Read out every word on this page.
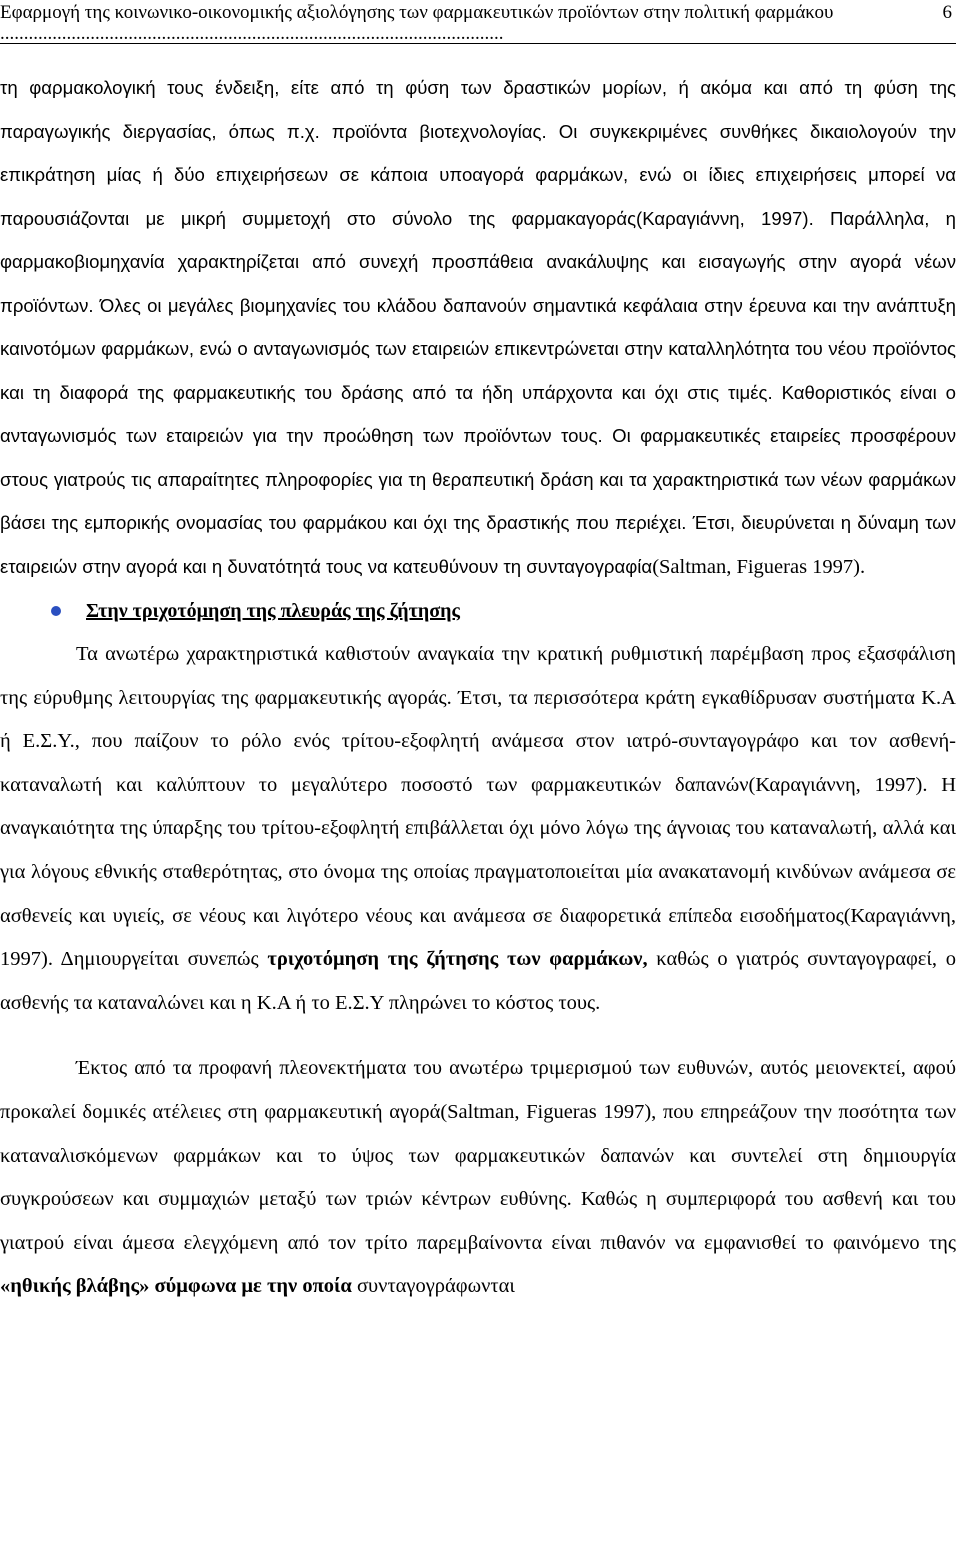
Εφαρμογή της κοινωνικο-οικονομικής αξιολόγησης των φαρμακευτικών προϊόντων στην πολιτική φαρμάκου ..........................................................................................................
6

τη φαρμακολογική τους ένδειξη, είτε από τη φύση των δραστικών μορίων, ή ακόμα και από τη φύση της παραγωγικής διεργασίας, όπως π.χ. προϊόντα βιοτεχνολογίας. Οι συγκεκριμένες συνθήκες δικαιολογούν την επικράτηση μίας ή δύο επιχειρήσεων σε κάποια υποαγορά φαρμάκων, ενώ οι ίδιες επιχειρήσεις μπορεί να παρουσιάζονται με μικρή συμμετοχή στο σύνολο της φαρμακαγοράς(Καραγιάννη, 1997). Παράλληλα, η φαρμακοβιομηχανία χαρακτηρίζεται από συνεχή προσπάθεια ανακάλυψης και εισαγωγής στην αγορά νέων προϊόντων. Όλες οι μεγάλες βιομηχανίες του κλάδου δαπανούν σημαντικά κεφάλαια στην έρευνα και την ανάπτυξη καινοτόμων φαρμάκων, ενώ ο ανταγωνισμός των εταιρειών επικεντρώνεται στην καταλληλότητα του νέου προϊόντος και τη διαφορά της φαρμακευτικής του δράσης από τα ήδη υπάρχοντα και όχι στις τιμές. Καθοριστικός είναι ο ανταγωνισμός των εταιρειών για την προώθηση των προϊόντων τους. Οι φαρμακευτικές εταιρείες προσφέρουν στους γιατρούς τις απαραίτητες πληροφορίες για τη θεραπευτική δράση και τα χαρακτηριστικά των νέων φαρμάκων βάσει της εμπορικής ονομασίας του φαρμάκου και όχι της δραστικής που περιέχει. Έτσι, διευρύνεται η δύναμη των εταιρειών στην αγορά και η δυνατότητά τους να κατευθύνουν τη συνταγογραφία(Saltman, Figueras 1997).

Στην τριχοτόμηση της πλευράς της ζήτησης

Τα ανωτέρω χαρακτηριστικά καθιστούν αναγκαία την κρατική ρυθμιστική παρέμβαση προς εξασφάλιση της εύρυθμης λειτουργίας της φαρμακευτικής αγοράς. Έτσι, τα περισσότερα κράτη εγκαθίδρυσαν συστήματα Κ.Α ή Ε.Σ.Υ., που παίζουν το ρόλο ενός τρίτου-εξοφλητή ανάμεσα στον ιατρό-συνταγογράφο και τον ασθενή-καταναλωτή και καλύπτουν το μεγαλύτερο ποσοστό των φαρμακευτικών δαπανών(Καραγιάννη, 1997). Η αναγκαιότητα της ύπαρξης του τρίτου-εξοφλητή επιβάλλεται όχι μόνο λόγω της άγνοιας του καταναλωτή, αλλά και για λόγους εθνικής σταθερότητας, στο όνομα της οποίας πραγματοποιείται μία ανακατανομή κινδύνων ανάμεσα σε ασθενείς και υγιείς, σε νέους και λιγότερο νέους και ανάμεσα σε διαφορετικά επίπεδα εισοδήματος(Καραγιάννη, 1997). Δημιουργείται συνεπώς τριχοτόμηση της ζήτησης των φαρμάκων, καθώς ο γιατρός συνταγογραφεί, ο ασθενής τα καταναλώνει και η Κ.Α ή το Ε.Σ.Υ πληρώνει το κόστος τους.

Έκτος από τα προφανή πλεονεκτήματα του ανωτέρω τριμερισμού των ευθυνών, αυτός μειονεκτεί, αφού προκαλεί δομικές ατέλειες στη φαρμακευτική αγορά(Saltman, Figueras 1997), που επηρεάζουν την ποσότητα των καταναλισκόμενων φαρμάκων και το ύψος των φαρμακευτικών δαπανών και συντελεί στη δημιουργία συγκρούσεων και συμμαχιών μεταξύ των τριών κέντρων ευθύνης. Καθώς η συμπεριφορά του ασθενή και του γιατρού είναι άμεσα ελεγχόμενη από τον τρίτο παρεμβαίνοντα είναι πιθανόν να εμφανισθεί το φαινόμενο της «ηθικής βλάβης» σύμφωνα με την οποία συνταγογράφωνται
